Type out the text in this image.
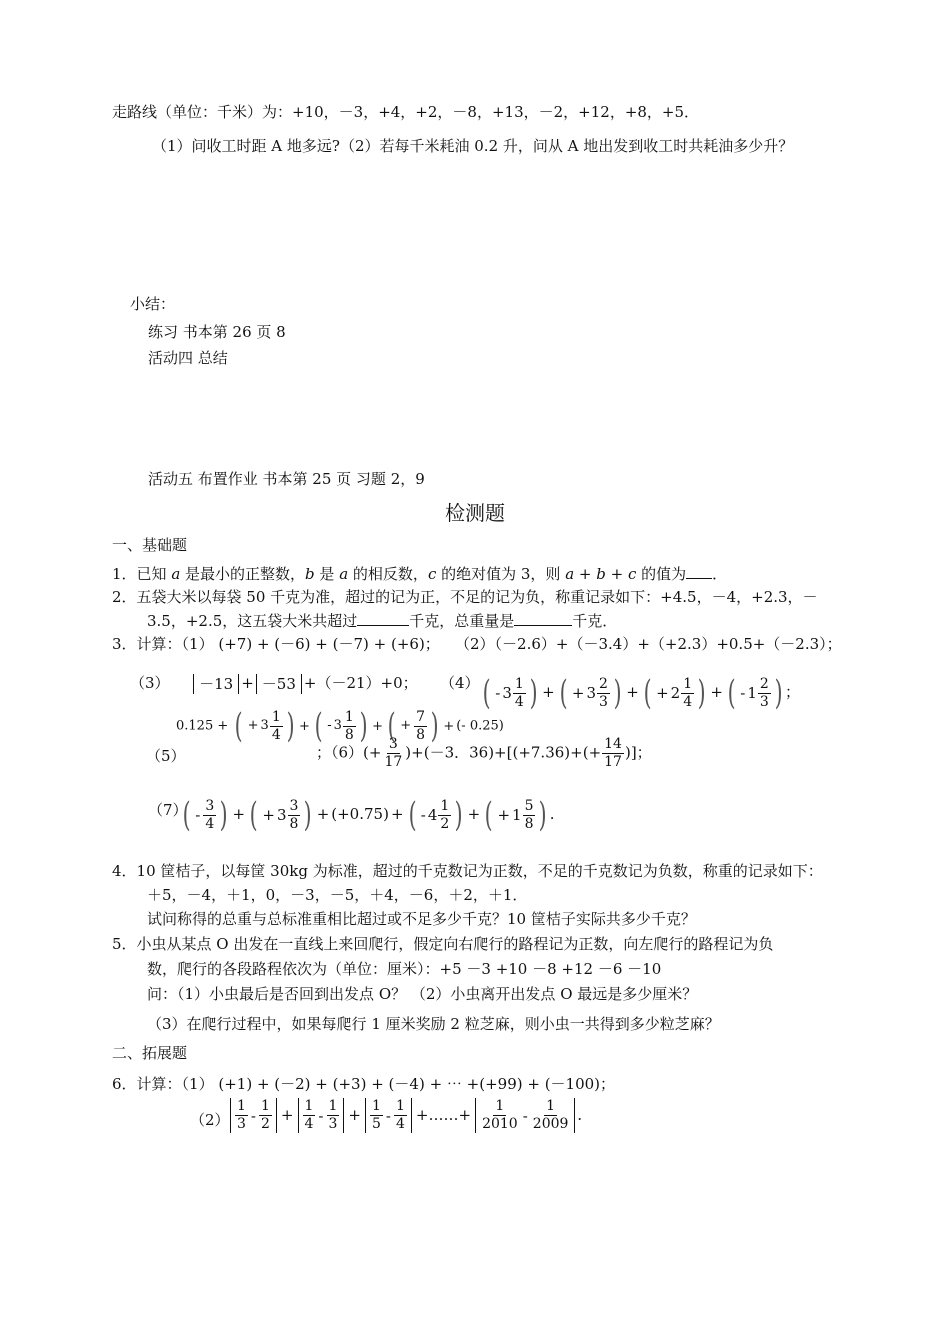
走路线（单位：千米）为：+10，－3，+4，+2，－8，+13，－2，+12，+8，+5．
（1）问收工时距 A 地多远?（2）若每千米耗油 0.2 升，问从 A 地出发到收工时共耗油多少升？
小结：
练习 书本第 26 页 8
活动四 总结
活动五 布置作业 书本第 25 页 习题 2，9
检测题
一、基础题
1．已知 a 是最小的正整数，b 是 a 的相反数，c 的绝对值为 3，则 a + b + c 的值为 ．
2．五袋大米以每袋 50 千克为准，超过的记为正，不足的记为负，称重记录如下：+4.5，－4，+2.3，－
3.5，+2.5，这五袋大米共超过	千克，总重量是	千克．
3．计算：（1） (+7) + (－6) + (－7) + (+6)； （2）（－2.6）+（－3.4）+（+2.3）+0.5+（－2.3）；
（3） －13 + －53 +（－21）+0； （4）
( - $3 \frac{1}{4}$
) + ( + $3 \frac{2}{3}$
) + ( + $2 \frac{1}{4}$
) + ( - $1 \frac{2}{3}$
) ；
0.125 + ( + $3 \frac{1}{4}$
) + ( - $3 \frac{1}{8}$
) + ( + $\frac{7}{8}$
) + (- 0.25)
（5）	；$(6)(+ \frac{3}{17} )+(-3$．$36)+[(+7.36)+(+ \frac{14}{17}$ )]；
（7） ( - $\frac{3}{4}$
) + ( + $3 \frac{3}{8}$
) + (+0.75) + ( - $4 \frac{1}{2}$
) + ( + $1 \frac{5}{8}$
) .
4．10 筐桔子，以每筐 30kg 为标准，超过的千克数记为正数，不足的千克数记为负数，称重的记录如下：
＋5，－4，＋1，0，－3，－5，＋4，－6，＋2，＋1．
试问称得的总重与总标准重相比超过或不足多少千克？10 筐桔子实际共多少千克？
5．小虫从某点 O 出发在一直线上来回爬行，假定向右爬行的路程记为正数，向左爬行的路程记为负
数，爬行的各段路程依次为（单位：厘米）：+5 －3 +10 －8 +12 －6 －10
问：（1）小虫最后是否回到出发点 O？ （2）小虫离开出发点 O 最远是多少厘米？
（3）在爬行过程中，如果每爬行 1 厘米奖励 2 粒芝麻，则小虫一共得到多少粒芝麻？
二、拓展题
6．计算：（1） (+1) + (－2) + (+3) + (－4) + ⋯ +(+99) + (－100)；
$(2) \frac{1}{3} - \frac{1}{2} + \frac{1}{4} - \frac{1}{3} + \frac{1}{5} - \frac{1}{4}$ +……+ $\frac{1}{2010} - \frac{1}{2009}$ ．
